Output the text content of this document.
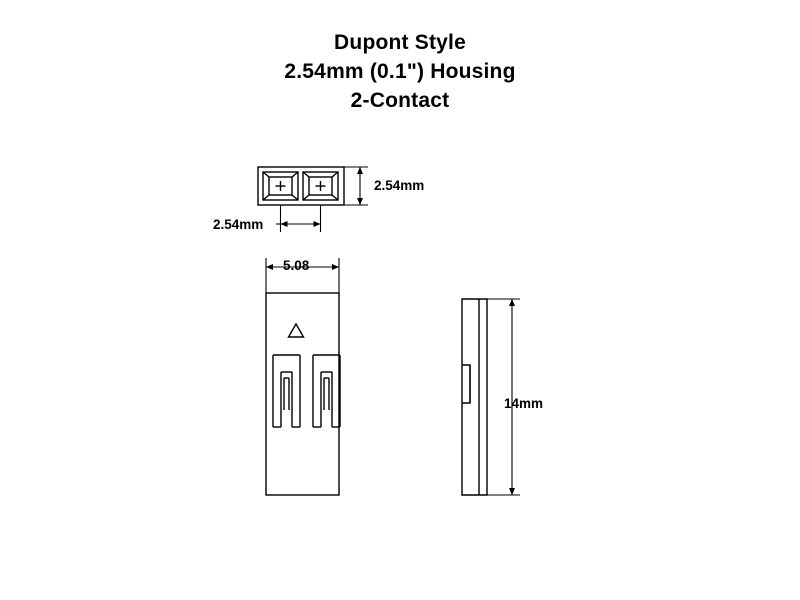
Dupont Style
2.54mm (0.1") Housing
2-Contact
2.54mm
2.54mm
5.08
14mm
